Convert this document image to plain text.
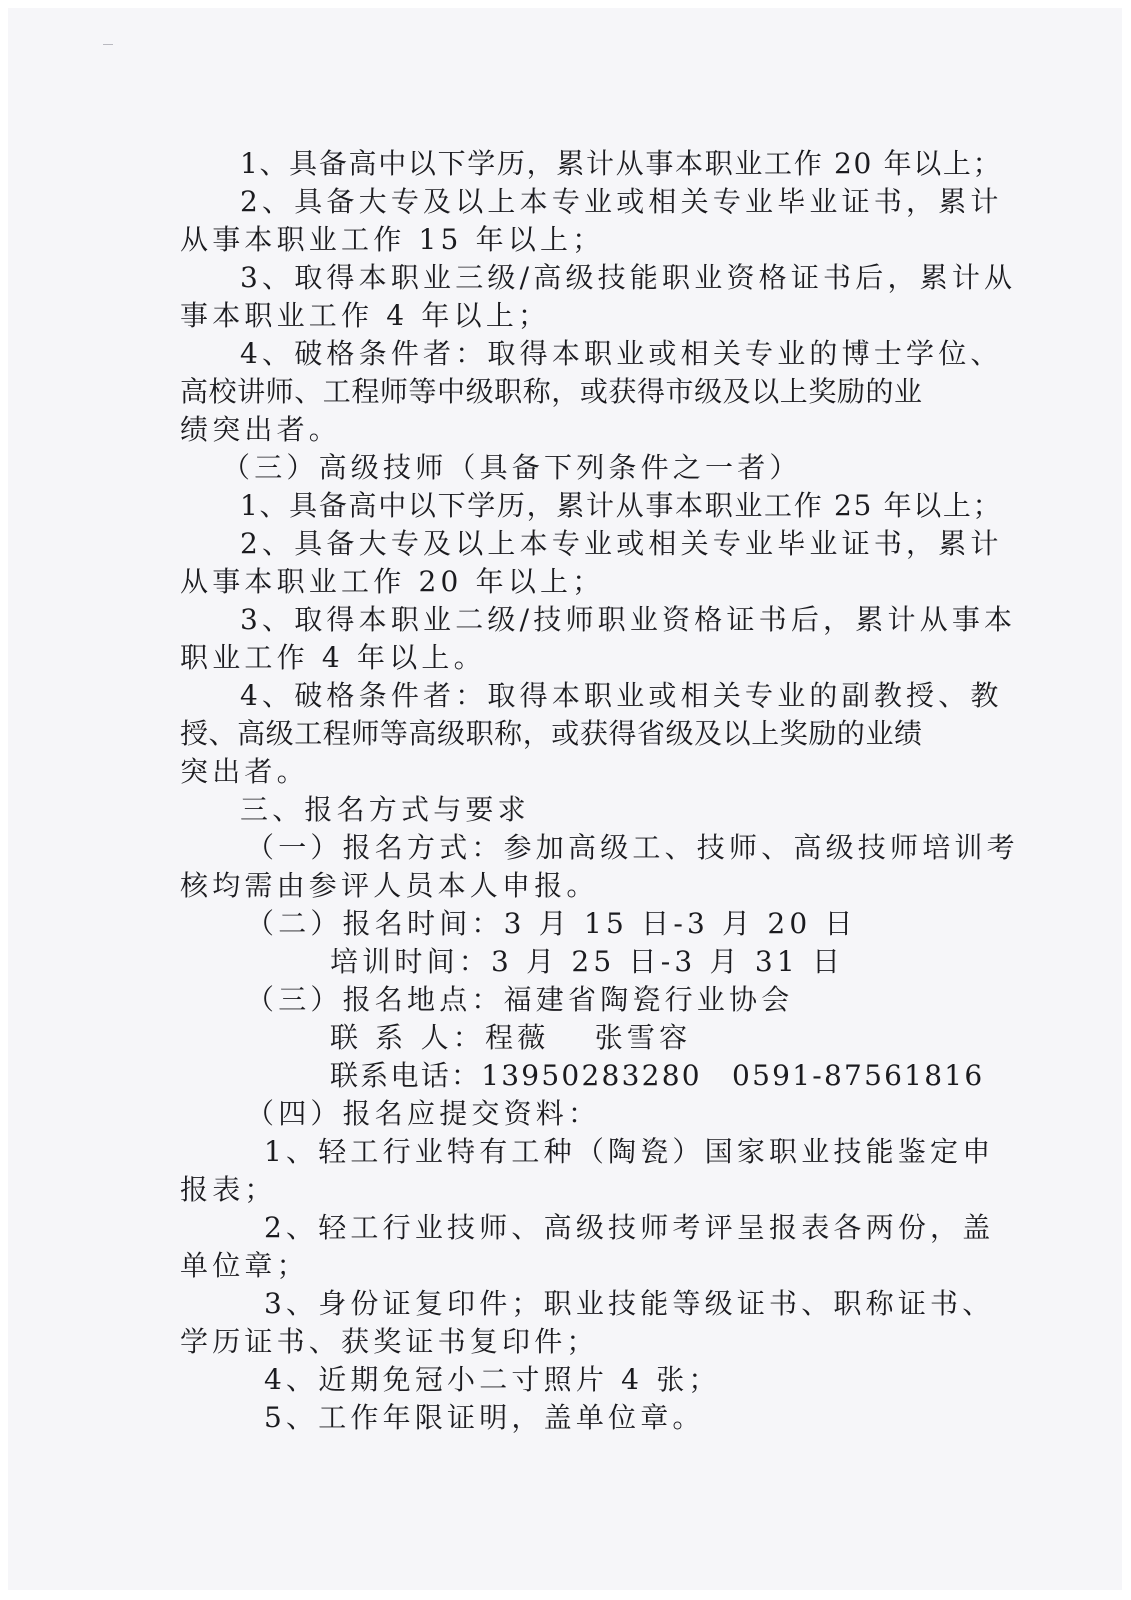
1、具备高中以下学历，累计从事本职业工作 20 年以上；
2、具备大专及以上本专业或相关专业毕业证书，累计
从事本职业工作 15 年以上；
3、取得本职业三级/高级技能职业资格证书后，累计从
事本职业工作 4 年以上；
4、破格条件者：取得本职业或相关专业的博士学位、
高校讲师、工程师等中级职称，或获得市级及以上奖励的业
绩突出者。
（三）高级技师（具备下列条件之一者）
1、具备高中以下学历，累计从事本职业工作 25 年以上；
2、具备大专及以上本专业或相关专业毕业证书，累计
从事本职业工作 20 年以上；
3、取得本职业二级/技师职业资格证书后，累计从事本
职业工作 4 年以上。
4、破格条件者：取得本职业或相关专业的副教授、教
授、高级工程师等高级职称，或获得省级及以上奖励的业绩
突出者。
三、报名方式与要求
（一）报名方式：参加高级工、技师、高级技师培训考
核均需由参评人员本人申报。
（二）报名时间：3 月 15 日-3 月 20 日
培训时间：3 月 25 日-3 月 31 日
（三）报名地点：福建省陶瓷行业协会
联 系 人：程薇　 张雪容
联系电话：13950283280　0591-87561816
（四）报名应提交资料：
1、轻工行业特有工种（陶瓷）国家职业技能鉴定申
报表；
2、轻工行业技师、高级技师考评呈报表各两份，盖
单位章；
3、身份证复印件；职业技能等级证书、职称证书、
学历证书、获奖证书复印件；
4、近期免冠小二寸照片 4 张；
5、工作年限证明，盖单位章。
